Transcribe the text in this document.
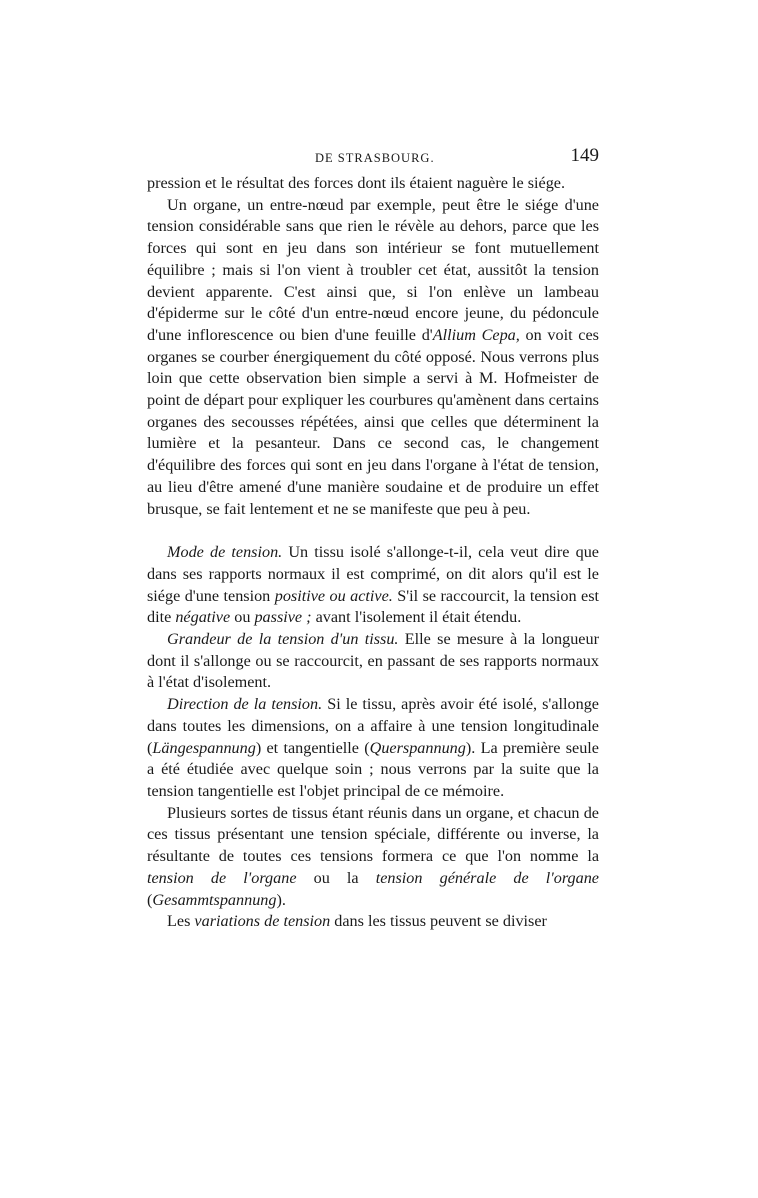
DE STRASBOURG.	149

pression et le résultat des forces dont ils étaient naguère le siége.

Un organe, un entre-nœud par exemple, peut être le siége d'une tension considérable sans que rien le révèle au dehors, parce que les forces qui sont en jeu dans son intérieur se font mutuellement équilibre ; mais si l'on vient à troubler cet état, aussitôt la tension devient apparente. C'est ainsi que, si l'on enlève un lambeau d'épiderme sur le côté d'un entre-nœud encore jeune, du pédoncule d'une inflorescence ou bien d'une feuille d'Allium Cepa, on voit ces organes se courber énergiquement du côté opposé. Nous verrons plus loin que cette observation bien simple a servi à M. Hofmeister de point de départ pour expliquer les courbures qu'amènent dans certains organes des secousses répétées, ainsi que celles que déterminent la lumière et la pesanteur. Dans ce second cas, le changement d'équilibre des forces qui sont en jeu dans l'organe à l'état de tension, au lieu d'être amené d'une manière soudaine et de produire un effet brusque, se fait lentement et ne se manifeste que peu à peu.

Mode de tension. Un tissu isolé s'allonge-t-il, cela veut dire que dans ses rapports normaux il est comprimé, on dit alors qu'il est le siége d'une tension positive ou active. S'il se raccourcit, la tension est dite négative ou passive ; avant l'isolement il était étendu.

Grandeur de la tension d'un tissu. Elle se mesure à la longueur dont il s'allonge ou se raccourcit, en passant de ses rapports normaux à l'état d'isolement.

Direction de la tension. Si le tissu, après avoir été isolé, s'allonge dans toutes les dimensions, on a affaire à une tension longitudinale (Längespannung) et tangentielle (Querspannung). La première seule a été étudiée avec quelque soin ; nous verrons par la suite que la tension tangentielle est l'objet principal de ce mémoire.

Plusieurs sortes de tissus étant réunis dans un organe, et chacun de ces tissus présentant une tension spéciale, différente ou inverse, la résultante de toutes ces tensions formera ce que l'on nomme la tension de l'organe ou la tension générale de l'organe (Gesammtspannung).

Les variations de tension dans les tissus peuvent se diviser
